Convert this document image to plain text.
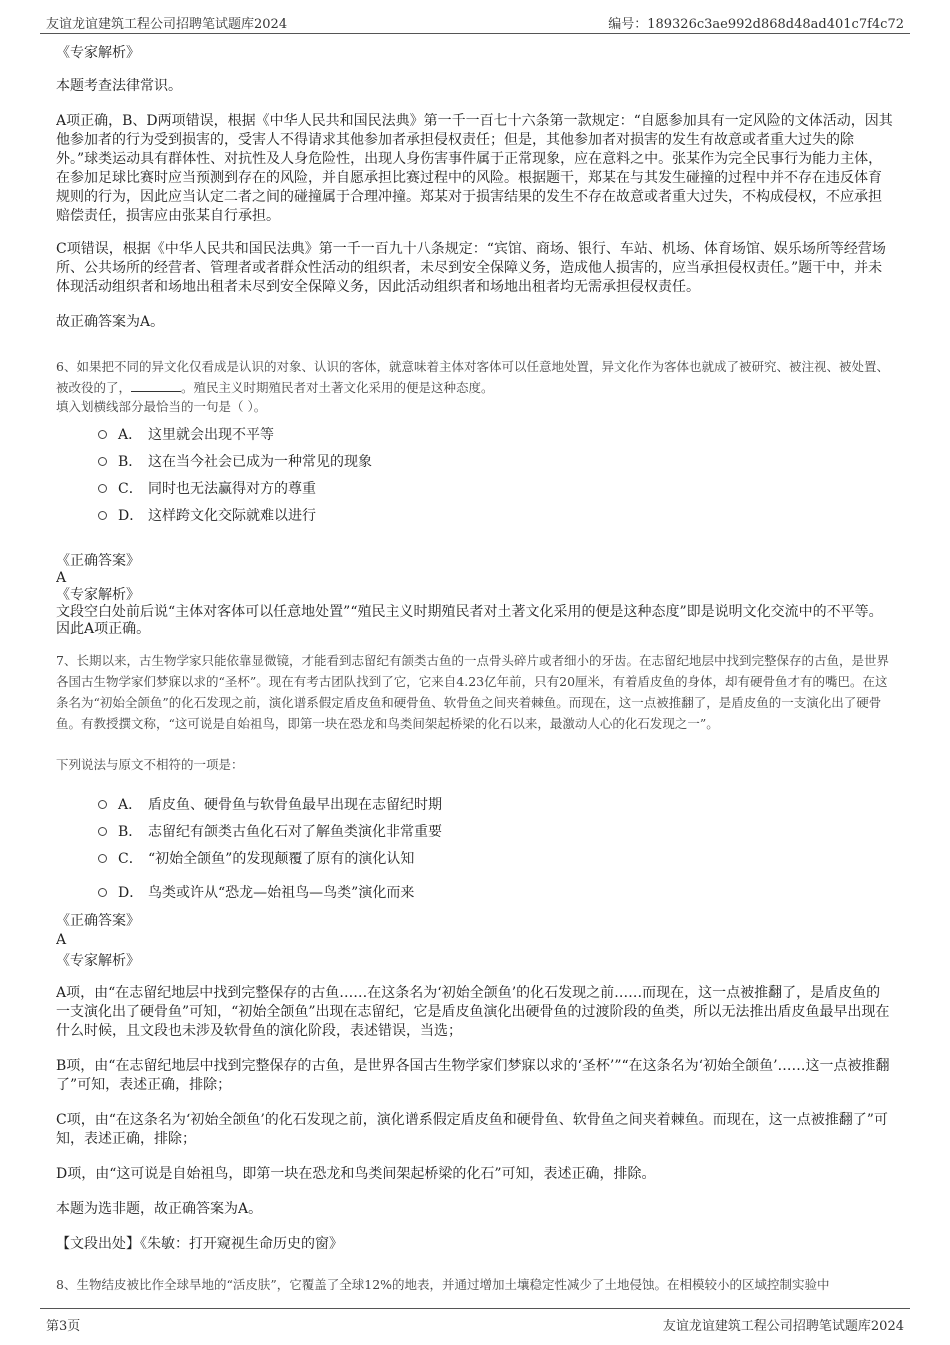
友谊龙谊建筑工程公司招聘笔试题库2024	编号：189326c3ae992d868d48ad401c7f4c72

《专家解析》

本题考查法律常识。

A项正确，B、D两项错误，根据《中华人民共和国民法典》第一千一百七十六条第一款规定：“自愿参加具有一定风险的文体活动，因其他参加者的行为受到损害的，受害人不得请求其他参加者承担侵权责任；但是，其他参加者对损害的发生有故意或者重大过失的除外。”球类运动具有群体性、对抗性及人身危险性，出现人身伤害事件属于正常现象，应在意料之中。张某作为完全民事行为能力主体，在参加足球比赛时应当预测到存在的风险，并自愿承担比赛过程中的风险。根据题干，郑某在与其发生碰撞的过程中并不存在违反体育规则的行为，因此应当认定二者之间的碰撞属于合理冲撞。郑某对于损害结果的发生不存在故意或者重大过失，不构成侵权，不应承担赔偿责任，损害应由张某自行承担。

C项错误，根据《中华人民共和国民法典》第一千一百九十八条规定：“宾馆、商场、银行、车站、机场、体育场馆、娱乐场所等经营场所、公共场所的经营者、管理者或者群众性活动的组织者，未尽到安全保障义务，造成他人损害的，应当承担侵权责任。”题干中，并未体现活动组织者和场地出租者未尽到安全保障义务，因此活动组织者和场地出租者均无需承担侵权责任。

故正确答案为A。

6、如果把不同的异文化仅看成是认识的对象、认识的客体，就意味着主体对客体可以任意地处置，异文化作为客体也就成了被研究、被注视、被处置、被改役的了，	。殖民主义时期殖民者对土著文化采用的便是这种态度。

填入划横线部分最恰当的一句是（ ）。

A． 这里就会出现不平等
B． 这在当今社会已成为一种常见的现象
C． 同时也无法赢得对方的尊重
D． 这样跨文化交际就难以进行

《正确答案》

A

《专家解析》

文段空白处前后说“主体对客体可以任意地处置”“殖民主义时期殖民者对土著文化采用的便是这种态度”即是说明文化交流中的不平等。因此A项正确。

7、长期以来，古生物学家只能依靠显微镜，才能看到志留纪有颌类古鱼的一点骨头碎片或者细小的牙齿。在志留纪地层中找到完整保存的古鱼，是世界各国古生物学家们梦寐以求的“圣杯”。现在有考古团队找到了它，它来自4.23亿年前，只有20厘米，有着盾皮鱼的身体，却有硬骨鱼才有的嘴巴。在这条名为“初始全颌鱼”的化石发现之前，演化谱系假定盾皮鱼和硬骨鱼、软骨鱼之间夹着棘鱼。而现在，这一点被推翻了，是盾皮鱼的一支演化出了硬骨鱼。有教授撰文称，“这可说是自始祖鸟，即第一块在恐龙和鸟类间架起桥梁的化石以来，最激动人心的化石发现之一”。

下列说法与原文不相符的一项是：

A． 盾皮鱼、硬骨鱼与软骨鱼最早出现在志留纪时期
B． 志留纪有颌类古鱼化石对了解鱼类演化非常重要
C． “初始全颌鱼”的发现颠覆了原有的演化认知
D． 鸟类或许从“恐龙—始祖鸟—鸟类”演化而来

《正确答案》

A

《专家解析》

A项，由“在志留纪地层中找到完整保存的古鱼……在这条名为‘初始全颌鱼’的化石发现之前……而现在，这一点被推翻了，是盾皮鱼的一支演化出了硬骨鱼”可知，“初始全颌鱼”出现在志留纪，它是盾皮鱼演化出硬骨鱼的过渡阶段的鱼类，所以无法推出盾皮鱼最早出现在什么时候，且文段也未涉及软骨鱼的演化阶段，表述错误，当选；

B项，由“在志留纪地层中找到完整保存的古鱼，是世界各国古生物学家们梦寐以求的‘圣杯’”“在这条名为‘初始全颌鱼’……这一点被推翻了”可知，表述正确，排除；

C项，由“在这条名为‘初始全颌鱼’的化石发现之前，演化谱系假定盾皮鱼和硬骨鱼、软骨鱼之间夹着棘鱼。而现在，这一点被推翻了”可知，表述正确，排除；

D项，由“这可说是自始祖鸟，即第一块在恐龙和鸟类间架起桥梁的化石”可知，表述正确，排除。

本题为选非题，故正确答案为A。

【文段出处】《朱敏：打开窥视生命历史的窗》

8、生物结皮被比作全球旱地的“活皮肤”，它覆盖了全球12%的地表，并通过增加土壤稳定性减少了土地侵蚀。在相模较小的区域控制实验中

第3页	友谊龙谊建筑工程公司招聘笔试题库2024
